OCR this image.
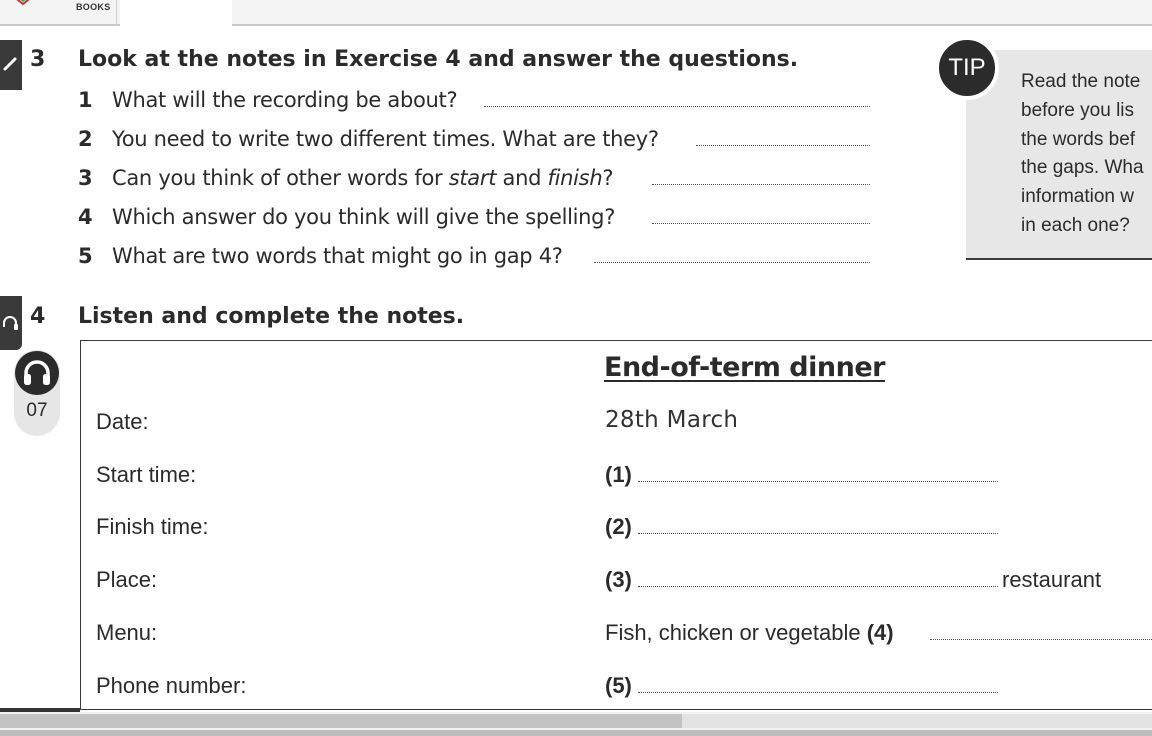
BOOKS
3 Look at the notes in Exercise 4 and answer the questions.
1 What will the recording be about?
2 You need to write two different times. What are they?
3 Can you think of other words for start and finish?
4 Which answer do you think will give the spelling?
5 What are two words that might go in gap 4?
TIP
Read the note
before you lis
the words bef
the gaps. Wha
information w
in each one?
4 Listen and complete the notes.
07
End-of-term dinner
Date:	28th March
Start time:	(1)
Finish time:	(2)
Place:	(3)	restaurant
Menu:	Fish, chicken or vegetable (4)
Phone number:	(5)
